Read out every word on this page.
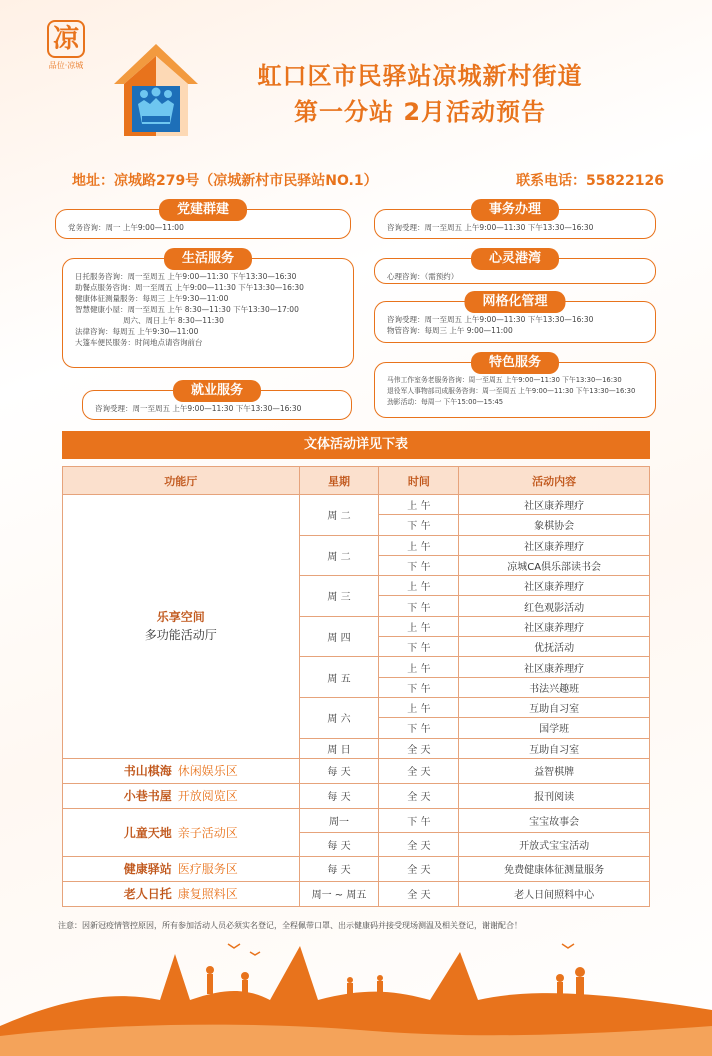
凉
品位·凉城	虹口区市民驿站凉城新村街道
第一分站 2月活动预告
地址：凉城路279号（凉城新村市民驿站NO.1）	联系电话：55822126
党建群建
党务咨询：周一 上午9:00—11:00
生活服务
日托服务咨询：周一至周五 上午9:00—11:30 下午13:30—16:30
助餐点服务咨询：周一至周五 上午9:00—11:30 下午13:30—16:30
健康体征测量服务：每周三 上午9:30—11:00
智慧健康小屋：周一至周五 上午 8:30—11:30 下午13:30—17:00
周六、周日上午 8:30—11:30
法律咨询：每周五 上午9:30—11:00
大篷车便民服务：时间地点请咨询前台
就业服务
咨询受理：周一至周五 上午9:00—11:30 下午13:30—16:30
事务办理
咨询受理：周一至周五 上午9:00—11:30 下午13:30—16:30
心灵港湾
心理咨询：（需预约）
网格化管理
咨询受理：周一至周五 上午9:00—11:30 下午13:30—16:30
物管咨询：每周三 上午 9:00—11:00
特色服务
马伟工作室务老服务咨询：周一至周五 上午9:00—11:30 下午13:30—16:30
退役军人事物部司成服务咨询：周一至周五 上午9:00—11:30 下午13:30—16:30
劲影活动：每周一 下午15:00—15:45
文体活动详见下表
功能厅	星期	时间	活动内容
乐享空间
多功能活动厅	周 二	上 午	社区康养理疗
		下 午	象棋协会
	周 二	上 午	社区康养理疗
		下 午	凉城CA俱乐部读书会
	周 三	上 午	社区康养理疗
		下 午	红色观影活动
	周 四	上 午	社区康养理疗
		下 午	优抚活动
	周 五	上 午	社区康养理疗
		下 午	书法兴趣班
	周 六	上 午	互助自习室
		下 午	国学班
	周 日	全 天	互助自习室
书山棋海 休闲娱乐区	每 天	全 天	益智棋牌
小巷书屋 开放阅览区	每 天	全 天	报刊阅读
儿童天地 亲子活动区	周一	下 午	宝宝故事会
	每 天	全 天	开放式宝宝活动
健康驿站 医疗服务区	每 天	全 天	免费健康体征测量服务
老人日托 康复照料区	周一 ~ 周五	全 天	老人日间照料中心
注意：因新冠疫情管控原因，所有参加活动人员必须实名登记，全程佩带口罩、出示健康码并接受现场测温及相关登记，谢谢配合！
